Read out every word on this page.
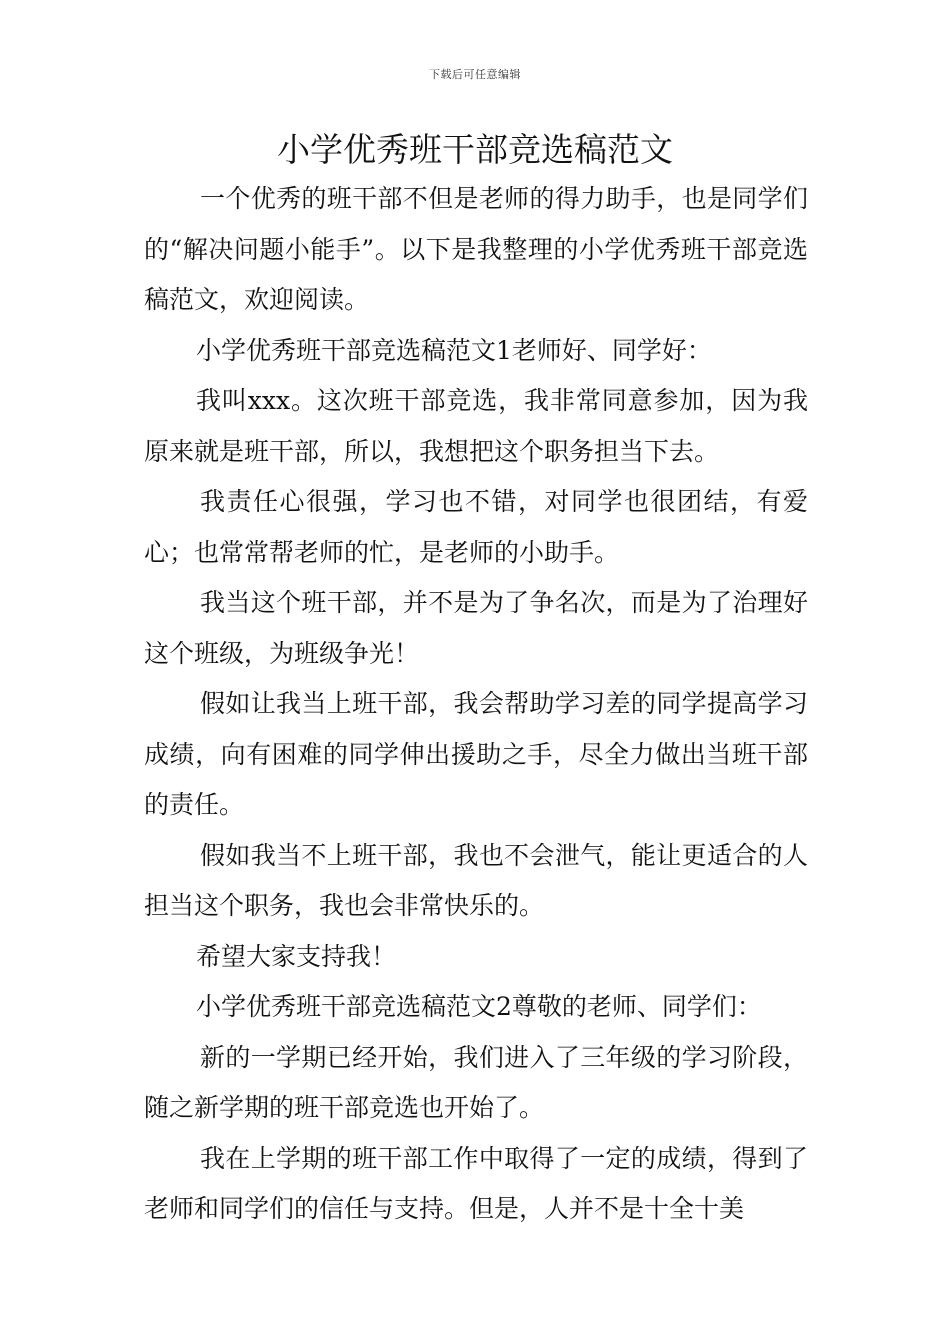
下载后可任意编辑
小学优秀班干部竞选稿范文

一个优秀的班干部不但是老师的得力助手，也是同学们的“解决问题小能手”。以下是我整理的小学优秀班干部竞选稿范文，欢迎阅读。

小学优秀班干部竞选稿范文1老师好、同学好：

我叫xxx。这次班干部竞选，我非常同意参加，因为我原来就是班干部，所以，我想把这个职务担当下去。

我责任心很强，学习也不错，对同学也很团结，有爱心；也常常帮老师的忙，是老师的小助手。

我当这个班干部，并不是为了争名次，而是为了治理好这个班级，为班级争光！

假如让我当上班干部，我会帮助学习差的同学提高学习成绩，向有困难的同学伸出援助之手，尽全力做出当班干部的责任。

假如我当不上班干部，我也不会泄气，能让更适合的人担当这个职务，我也会非常快乐的。

希望大家支持我！

小学优秀班干部竞选稿范文2尊敬的老师、同学们：

新的一学期已经开始，我们进入了三年级的学习阶段，随之新学期的班干部竞选也开始了。

我在上学期的班干部工作中取得了一定的成绩，得到了老师和同学们的信任与支持。但是，人并不是十全十美
